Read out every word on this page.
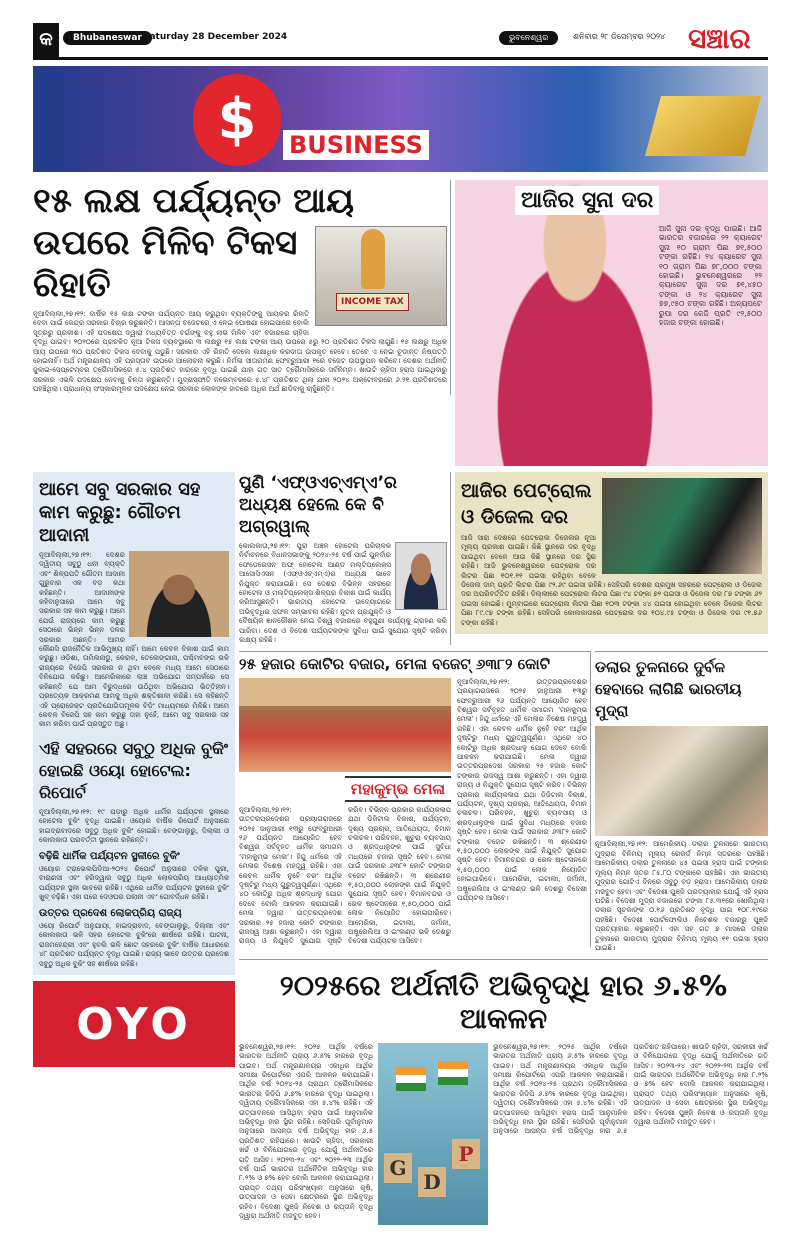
କ	Bhubaneswar Saturday 28 December 2024	ଭୁବନେଶ୍ୱର	ଶନିବାର ୨୮ ଡିସେମ୍ବର ୨୦୨୪ ସଞ୍ଚାର
$	BUSINESS
INCOME TAX
୧୫ ଲକ୍ଷ ପର୍ଯ୍ୟନ୍ତ ଆୟ ଉପରେ ମିଳିବ ଟିକସ ରିହାତି
ନୂଆଦିଲ୍ଲୀ,୨୭।୧୨: ବାର୍ଷିକ ୧୫ ଲକ୍ଷ ଟଙ୍କା ପର୍ଯ୍ୟନ୍ତ ଆୟ କରୁଥିବା ବ୍ୟକ୍ତିଙ୍କୁ ଆୟକର ରିହାତି ଦେବା ପାଇଁ କେନ୍ଦ୍ର ସରକାର ବିଚାର କରୁଛନ୍ତି। ଆସନ୍ତା ବଜେଟରେ ଏ ନେଇ ଘୋଷଣା ହୋଇପାରେ ବୋଲି ସୂତ୍ରରୁ ପ୍ରକାଶ। ଏହି ପଦକ୍ଷେପ ଦ୍ୱାରା ମଧ୍ୟବିତ୍ତ ବର୍ଗଙ୍କୁ ବହୁ ଲାଭ ମିଳିବ ଏବଂ ବଜାରରେ ଚାହିଦା ବୃଦ୍ଧି ପାଇବ। ୨୦୨୦ରେ ପ୍ରଚଳିତ ନୂଆ ଟିକସ ବ୍ୟବସ୍ଥାରେ ୩ ଲକ୍ଷରୁ ୧୫ ଲକ୍ଷ ଟଙ୍କା ଆୟ ଉପରେ ୫ରୁ ୨୦ ପ୍ରତିଶତ ଟିକସ ଲାଗୁଛି। ୧୫ ଲକ୍ଷରୁ ଅଧିକ ଆୟ ଉପରେ ୩୦ ପ୍ରତିଶତ ଟିକସ ଦେବାକୁ ପଡୁଛି। ସରକାର ଏହି ରିହାତି ଦେଲେ ଲକ୍ଷାଧିକ କରଦାତା ଉପକୃତ ହେବେ। ତେବେ ଏ ନେଇ ଚୂଡାନ୍ତ ନିଷ୍ପତ୍ତି ହୋଇନାହିଁ। ଅର୍ଥ ମନ୍ତ୍ରଣାଳୟ ଏହି ପ୍ରସ୍ତାବ ଉପରେ ଆଲୋଚନା କରୁଛି। ନିର୍ମଳା ସୀତାରମଣ ଫେବ୍ରୁଆରୀ ୧ରେ ବଜେଟ ଉପସ୍ଥାପନ କରିବେ। ଦେଶର ଅର୍ଥନୀତି ଜୁଲାଇ-ସେପ୍ଟେମ୍ବର ତ୍ରୈମାସିକରେ ୫.୪ ପ୍ରତିଶତ ହାରରେ ବୃଦ୍ଧି ପାଇଛି ଯାହା ଗତ ସାତ ତ୍ରୈମାସିକରେ ସର୍ବନିମ୍ନ। ଖାଉଟି ଚାହିଦା ହ୍ରାସ ପାଇଥିବାରୁ ସରକାର ଏଭଳି ପଦକ୍ଷେପ ନେବାକୁ ଚିନ୍ତା କରୁଛନ୍ତି। ମୁଦ୍ରାସ୍ଫୀତି ନଭେମ୍ବରରେ ୫.୪୮ ପ୍ରତିଶତ ଥିଲା ଯାହା ୨୦୨୪ ଅକ୍ଟୋବରରେ ୬.୨୧ ପ୍ରତିଶତରେ ପହଞ୍ଚିଥିଲା। ପ୍ରାଧାନ୍ୟ ସଂସ୍କାରମୂଳକ ପଦକ୍ଷେପ ନେଇ ସରକାର ଲୋକଙ୍କ ହାତରେ ଅଧିକ ଅର୍ଥ ଛାଡିବାକୁ ଚାହୁଁଛନ୍ତି।
ଆଜିର ସୁନା ଦର
ଆଜି ସୁନା ଦର ବୃଦ୍ଧି ପାଇଛି। ଆଜି ଭାରତର ବଜାରରେ ୨୨ କ୍ୟାରେଟ ସୁନା ୧୦ ଗ୍ରାମ ପିଛା ୭୧,୫୦୦ ଟଙ୍କା ରହିଛି। ୨୪ କ୍ୟାରେଟ ସୁନା ୧୦ ଗ୍ରାମ ପିଛା ୭୮,୦୦୦ ଟଙ୍କା ହୋଇଛି। ଭୁବନେଶ୍ୱରରେ ୨୨ କ୍ୟାରେଟ ସୁନା ଦର ୭୧,୪୫୦ ଟଙ୍କା ଓ ୨୪ କ୍ୟାରେଟ ସୁନା ୭୭,୯୫୦ ଟଙ୍କା ରହିଛି। ଅନ୍ୟପଟେ ରୁପା ଦର କେଜି ପ୍ରତି ୯୨,୫୦୦ ହଜାର ଟଙ୍କା ହୋଇଛି।
ଆମେ ସବୁ ସରକାର ସହ କାମ କରୁଛୁ: ଗୌତମ ଆଦାନୀ
ନୂଆଦିଲ୍ଲୀ,୨୭।୧୨: ଦେଶର ଦ୍ୱିତୀୟ ସବୁଠୁ ଧନୀ ବ୍ୟକ୍ତି ଏବଂ ଶିଳ୍ପପତି ଗୌତମ ଆଦାନୀ ଗୁରୁବାର ଏକ ବଡ଼ କଥା କହିଛନ୍ତି। ଆଦାନୀଙ୍କ କହିବାନୁସାରେ ଆମେ ସବୁ ସରକାର ସହ କାମ କରୁଛୁ। ଆମେ ଯେଉଁ ରାଜ୍ୟରେ କାମ କରୁଛୁ ସେଠାରେ ଭିନ୍ନ ଭିନ୍ନ ଦଳର ସରକାର ଅଛନ୍ତି। ଆମର କୌଣସି ରାଜନୈତିକ ଆଭିମୁଖ୍ୟ ନାହିଁ। ଆମେ କେବଳ ବିକାଶ ପାଇଁ କାମ କରୁଛୁ। ଓଡ଼ିଶା, ତାମିଲନାଡୁ, କେରଳ, ତେଲେଙ୍ଗାନା, ପଶ୍ଚିମବଙ୍ଗ ଭଳି ରାଜ୍ୟରେ ବିଜେପି ସରକାର ନ ଥିବା ବେଳେ ମଧ୍ୟ ଆମେ ସେଠାରେ ବିନିଯୋଗ କରିଛୁ। ଆମେରିକାରେ ଲାଞ୍ଚ ଅଭିଯୋଗ ସମ୍ପର୍କରେ ସେ କହିଛନ୍ତି ଯେ ଆମ ବିରୁଦ୍ଧରେ ଉଠିଥିବା ଅଭିଯୋଗ ଭିତ୍ତିହୀନ। ପ୍ରତ୍ୟେକ ଆକ୍ରମଣ ଆମକୁ ଅଧିକ ଶକ୍ତିଶାଳୀ କରିଛି। ସେ କହିଛନ୍ତି ଏହି ପ୍ରୋଜେକ୍ଟ ପ୍ରତିଯୋଗିତାମୂଳକ ବିଡ଼ିଂ ମାଧ୍ୟମରେ ମିଳିଛି। ଆମେ କେବଳ ବିଜେପି ସହ କାମ କରୁଛୁ ତାହା ନୁହେଁ, ଆମେ ସବୁ ସରକାର ସହ କାମ କରିବା ପାଇଁ ପ୍ରସ୍ତୁତ ଅଛୁ।
ଏହି ସହରରେ ସବୁଠୁ ଅଧିକ ବୁକିଂ ହୋଇଛି ଓୟୋ ହୋଟେଲ: ରିପୋର୍ଟ
ନୂଆଦିଲ୍ଲୀ,୨୭।୧୨: ୧୯ ପଡ଼ାରୁ ଅଧିକ ଧାର୍ମିକ ପର୍ଯ୍ୟଟନ ସ୍ଥଳୀରେ ହୋଟେଲ ବୁକିଂ ବୃଦ୍ଧି ପାଇଛି। ଓୟୋର ବାର୍ଷିକ ରିପୋର୍ଟ ଅନୁସାରେ ହାଇଦ୍ରାବାଦରେ ସବୁଠୁ ଅଧିକ ବୁକିଂ ହୋଇଛି। ବେଙ୍ଗାଲୁରୁ, ଦିଲ୍ଲୀ ଓ କୋଲକାତା ପରବର୍ତ୍ତୀ ସ୍ଥାନରେ ରହିଛନ୍ତି।
ବଢ଼ିଛି ଧାର୍ମିକ ପର୍ଯ୍ୟଟନ ସ୍ଥଳୀରେ ବୁକିଂ
ଓୟୋର ଟ୍ରାଭେଲପିଡିଆ-୨୦୨୪ ରିପୋର୍ଟ ଅନୁସାରେ ତଳିକ ପୁରୀ, ବାରାଣସୀ ଏବଂ ହରିଦ୍ୱାର ସବୁଠୁ ଅଧିକ ଲୋକପ୍ରିୟ ଆଧ୍ୟାତ୍ମିକ ପର୍ଯ୍ୟଟନ ସ୍ଥଳୀ ଭାବରେ ରହିଛି। ଏଥିରେ ଧାର୍ମିକ ପର୍ଯ୍ୟଟନ ସ୍ଥଳୀରେ ବୁକିଂ ଖୁବ୍ ବଢ଼ିଛି। ଏହା ପରେ ଦେଓଘର ପଲାନୀ ଏବଂ ଗୋବର୍ଦ୍ଧନ ରହିଛି।
ଉତ୍ତର ପ୍ରଦେଶ ଲୋକପ୍ରିୟ ରାଜ୍ୟ
ଓୟୋ ରିପୋର୍ଟ ଅନୁଯାୟୀ, ହାଇଦ୍ରାବାଦ, ବେଙ୍ଗାଲୁରୁ, ଦିଲ୍ଲୀ ଏବଂ କୋଲକାତା ଭଳି ସହର ହୋଟେଲ ବୁକିଂରେ ଶୀର୍ଷରେ ରହିଛି। ପାଟନା, ରାଜମହେନ୍ଦ୍ରୀ ଏବଂ ହୁବଲି ଭଳି ଛୋଟ ସହରରେ ବୁକିଂ ବାର୍ଷିକ ଆଧାରରେ ୪୮ ପ୍ରତିଶତ ପର୍ଯ୍ୟନ୍ତ ବୃଦ୍ଧି ପାଇଛି। ରାଜ୍ୟ ଭାବେ ଉତ୍ତର ପ୍ରଦେଶ ସବୁଠୁ ଅଧିକ ବୁକିଂ ସହ ଶୀର୍ଷରେ ରହିଛି।
OYO
ପୁଣି ‘ଏଫ୍‌ଓଏଚ୍‌ଏମ୍‌ଏ’ର ଅଧ୍ୟକ୍ଷ ହେଲେ କେ ବି ଅଗ୍ରୱାଲ୍
କୋଲକାତା,୨୭।୧୨: ପୁରା ଅଞ୍ଚଳ ହୋଟେଲ ପରିଚାଳକ ନିର୍ବାଚନରେ ବିଧାନସଭାଙ୍କୁ ୨୦୨୪-୨୫ ବର୍ଷ ପାଇଁ ପୁନର୍ବାର ଫେଡେରେସନ ଅଫ୍ ହୋଟେଲ ଆଣ୍ଡ ମଲ୍ଟିପ୍ଲେକ୍ସ ଆସୋସିଏସନ (ଏଫ୍‌ଓଏଚ୍‌ଏମ୍‌ଏ)ର ଅଧ୍ୟକ୍ଷ ଭାବେ ନିଯୁକ୍ତ କରାଯାଇଛି। ସେ ଦେଶର ବିଭିନ୍ନ ସହରରେ ହୋଟେଲ ଓ ମଲ୍ଟିପ୍ଲେକ୍ସ ଶିଳ୍ପର ବିକାଶ ପାଇଁ କାର୍ଯ୍ୟ କରିଆସୁଛନ୍ତି। ଭାରତୀୟ ହୋଟେଲ ଉଦ୍ୟୋଗରେ ଅଭିବୃଦ୍ଧିର ସଫଳ ସମ୍ଭାବନା ରହିଛି। ନୂତନ ପ୍ରଯୁକ୍ତି ଓ ବୈଷୟିକ ଜ୍ଞାନକୌଶଳ ନେଇ ବିଶ୍ୱ ବଜାରରେ ବହୁଗୁଣା କାର୍ଯ୍ୟକୁ ଗ୍ରହଣ କରି ପାରିବା। ଦେଶ ଓ ବିଦେଶ ପର୍ଯ୍ୟଟକଙ୍କ ସୁବିଧା ପାଇଁ ସୁଯୋଗ ସୃଷ୍ଟି କରିବା ଲକ୍ଷ୍ୟ ରହିଛି।
ଆଜିର ପେଟ୍ରୋଲ ଓ ଡିଜେଲ ଦର
ଆଜି ସାରା ଦେଶରେ ପେଟ୍ରୋଲ ଡିଜେଲର ନୂଆ ମୂଲ୍ୟ ପ୍ରକାଶ ପାଇଛି। କିଛି ସ୍ଥାନରେ ଦର ବୃଦ୍ଧି ପାଇଥିବା ବେଳେ ଆଉ କିଛି ସ୍ଥାନରେ ଦର ସ୍ଥିର ରହିଛି। ଆଜି ଭୁବନେଶ୍ୱରରେ ପେଟ୍ରୋଲ ଦର ଲିଟର ପିଛା ୧୦୧.୧୧ ପଇସା ରହିଥିବା ବେଳେ ଡିଜେଲ ଦାମ୍ ପ୍ରତି ଲିଟର ପିଛା ୯୨.୬୯ ପଇସା ରହିଛି। ସେହିପରି ଦେଶର ପ୍ରମୁଖ ସହରରେ ପେଟ୍ରୋଲ ଓ ଡିଜେଲ ଦର ଅପରିବର୍ତ୍ତିତ ରହିଛି। ଦିଲ୍ଲୀରେ ପେଟ୍ରୋଲ ଲିଟର ପିଛା ୯୪ ଟଙ୍କା ୭୨ ପଇସା ଓ ଡିଜେଲ ଦର ୮୭ ଟଙ୍କା ୬୨ ପଇସା ହୋଇଛି। ମୁମ୍ବାଇରେ ପେଟ୍ରୋଲ ଲିଟର ପିଛା ୧୦୩ ଟଙ୍କା ୪୪ ପଇସା ହୋଇଥିବା ବେଳେ ଡିଜେଲ ଲିଟର ପିଛା ୮୯.୯୭ ଟଙ୍କା ରହିଛି। ସେହିପରି କୋଲକାତାରେ ପେଟ୍ରୋଲ ଦର ୧୦୪.୯୫ ଟଙ୍କା ଓ ଡିଜେଲ ଦର ୯୧.୭୬ ଟଙ୍କା ରହିଛି।
୨୫ ହଜାର କୋଟିର ବଜାର, ମେଳା ବଜେଟ୍ ୬୩୮୨ କୋଟି
ମହାକୁମ୍ଭ ମେଳା
ନୂଆଦିଲ୍ଲୀ,୨୭।୧୨: ଉତ୍ତରପ୍ରଦେଶର ପ୍ରୟାଗରାଜରେ ୨୦୨୫ ଜାନୁଆରୀ ୧୩ରୁ ଫେବ୍ରୁଆରୀ ୨୬ ପର୍ଯ୍ୟନ୍ତ ଆୟୋଜିତ ହେବ ବିଶ୍ୱର ସର୍ବବୃହତ ଧାର୍ମିକ ସମାଗମ ‘ମହାକୁମ୍ଭ ମେଳା’। ହିନ୍ଦୁ ଧର୍ମରେ ଏହି ମେଳାର ବିଶେଷ ମହତ୍ତ୍ୱ ରହିଛି। ଏହା କେବଳ ଧାର୍ମିକ ନୁହେଁ ବରଂ ଆର୍ଥିକ ଦୃଷ୍ଟିରୁ ମଧ୍ୟ ଗୁରୁତ୍ୱପୂର୍ଣ୍ଣ। ଏଥିରେ ୪୦ କୋଟିରୁ ଅଧିକ ଶ୍ରଦ୍ଧାଳୁ ଯୋଗ ଦେବେ ବୋଲି ଆକଳନ କରାଯାଇଛି। ମେଳା ଦ୍ୱାରା ଉତ୍ତରପ୍ରଦେଶ ସରକାର ୨୫ ହଜାର କୋଟି ଟଙ୍କାର ରାଜସ୍ୱ ଆଶା କରୁଛନ୍ତି। ଏହା ଦ୍ୱାରା ରାଜ୍ୟ ଓ ନିଯୁକ୍ତି ସୁଯୋଗ ସୃଷ୍ଟି କରିବ। ବିଭିନ୍ନ ପ୍ରକାର କାର୍ଯ୍ୟକଳାପ ଯଥା ଡିଜିଟାଲ ବିକାଶ, ପର୍ଯ୍ୟଟନ, ଦୃଶ୍ୟ ପ୍ରଚାର, ଆତିଥେୟତା, ବିମାନ ଚଳାଚଳ। ପରିବହନ, ଖୁଚୁରା ବ୍ୟବସାୟ ଓ ଶ୍ରଦ୍ଧାଳୁଙ୍କ ପାଇଁ ସୁବିଧା ମଧ୍ୟରେ ବଜାର ସୃଷ୍ଟି ହେବ। ମେଳା ପାଇଁ ସରକାର ୬୩୮୨ କୋଟି ଟଙ୍କାର ବଜେଟ ରଖିଛନ୍ତି। ୩ ଶ୍ରେଣୀର ୧,୫୦,୦୦୦ ଲୋକଙ୍କ ପାଇଁ ନିଯୁକ୍ତି ସୁଯୋଗ ସୃଷ୍ଟି ହେବ। ବିମାନବନ୍ଦର ଓ ରେଳ ଷ୍ଟେସନରେ ୧,୫୦,୦୦୦ ପାଇଁ ଲୋକ ନିୟୋଜିତ ହୋଇପାରିବେ। ଆମେରିକା, ଇଟାଲୀ, ଜର୍ମାନୀ, ଅଷ୍ଟ୍ରେଲିଆ ଓ ଇଂଲଣ୍ଡ ଭଳି ଦେଶରୁ ବିଦେଶୀ ପର୍ଯ୍ୟଟକ ଆସିବେ।
ନୂଆଦିଲ୍ଲୀ,୨୭।୧୨: ଉତ୍ତରପ୍ରଦେଶର ପ୍ରୟାଗରାଜରେ ୨୦୨୫ ଜାନୁଆରୀ ୧୩ରୁ ଫେବ୍ରୁଆରୀ ୨୬ ପର୍ଯ୍ୟନ୍ତ ଆୟୋଜିତ ହେବ ବିଶ୍ୱର ସର୍ବବୃହତ ଧାର୍ମିକ ସମାଗମ ‘ମହାକୁମ୍ଭ ମେଳା’। ହିନ୍ଦୁ ଧର୍ମରେ ଏହି ମେଳାର ବିଶେଷ ମହତ୍ତ୍ୱ ରହିଛି। ଏହା କେବଳ ଧାର୍ମିକ ନୁହେଁ ବରଂ ଆର୍ଥିକ ଦୃଷ୍ଟିରୁ ମଧ୍ୟ ଗୁରୁତ୍ୱପୂର୍ଣ୍ଣ। ଏଥିରେ ୪୦ କୋଟିରୁ ଅଧିକ ଶ୍ରଦ୍ଧାଳୁ ଯୋଗ ଦେବେ ବୋଲି ଆକଳନ କରାଯାଇଛି। ମେଳା ଦ୍ୱାରା ଉତ୍ତରପ୍ରଦେଶ ସରକାର ୨୫ ହଜାର କୋଟି ଟଙ୍କାର ରାଜସ୍ୱ ଆଶା କରୁଛନ୍ତି। ଏହା ଦ୍ୱାରା ରାଜ୍ୟ ଓ ନିଯୁକ୍ତି ସୁଯୋଗ ସୃଷ୍ଟି କରିବ। ବିଭିନ୍ନ ପ୍ରକାର କାର୍ଯ୍ୟକଳାପ ଯଥା ଡିଜିଟାଲ ବିକାଶ, ପର୍ଯ୍ୟଟନ, ଦୃଶ୍ୟ ପ୍ରଚାର, ଆତିଥେୟତା, ବିମାନ ଚଳାଚଳ। ପରିବହନ, ଖୁଚୁରା ବ୍ୟବସାୟ ଓ ଶ୍ରଦ୍ଧାଳୁଙ୍କ ପାଇଁ ସୁବିଧା ମଧ୍ୟରେ ବଜାର ସୃଷ୍ଟି ହେବ। ମେଳା ପାଇଁ ସରକାର ୬୩୮୨ କୋଟି ଟଙ୍କାର ବଜେଟ ରଖିଛନ୍ତି। ୩ ଶ୍ରେଣୀର ୧,୫୦,୦୦୦ ଲୋକଙ୍କ ପାଇଁ ନିଯୁକ୍ତି ସୁଯୋଗ ସୃଷ୍ଟି ହେବ। ବିମାନବନ୍ଦର ଓ ରେଳ ଷ୍ଟେସନରେ ୧,୫୦,୦୦୦ ପାଇଁ ଲୋକ ନିୟୋଜିତ ହୋଇପାରିବେ। ଆମେରିକା, ଇଟାଲୀ, ଜର୍ମାନୀ, ଅଷ୍ଟ୍ରେଲିଆ ଓ ଇଂଲଣ୍ଡ ଭଳି ଦେଶରୁ ବିଦେଶୀ ପର୍ଯ୍ୟଟକ ଆସିବେ।
ଡଲାର ତୁଳନାରେ ଦୁର୍ବଳ ହେବାରେ ଲାଗିଛି ଭାରତୀୟ ମୁଦ୍ରା
ନୂଆଦିଲ୍ଲୀ,୨୭।୧୨: ଆମେରିକୀୟ ଡଲାର ତୁଳନାରେ ଭାରତୀୟ ମୁଦ୍ରାର ବିନିମୟ ମୂଲ୍ୟ ରେକର୍ଡ ନିମ୍ନ ସ୍ତରରେ ପହଞ୍ଚିଛି। ଆମେରିକୀୟ ଡଲାର ତୁଳନାରେ ୪୫ ପଇସା ହ୍ରାସ ପାଇଁ ଟଙ୍କାର ମୂଲ୍ୟ ନିମ୍ନ ସ୍ତର ୮୫.୮୦ ଟଙ୍କାରେ ପହଞ୍ଚିଛି। ଏହା ଭାରତୀୟ ମୁଦ୍ରାର ଗୋଟିଏ ଦିନରେ ସବୁଠୁ ବଡ଼ ହ୍ରାସ। ଆମେରିକୀୟ ଡଲାର ମଜବୁତ ହେବା ଏବଂ ବିଦେଶୀ ପୁଞ୍ଜି ପ୍ରତ୍ୟାହାର ଯୋଗୁଁ ଏହି ହ୍ରାସ ଘଟିଛି। ବିଦେଶୀ ମୁଦ୍ରା ବଜାରରେ ଟଙ୍କା ୮୫.୩୧ରେ ଖୋଲିଥିଲା। ଡଲାର ସୂଚକାଙ୍କ ୦.୧୬ ପ୍ରତିଶତ ବୃଦ୍ଧି ପାଇ ୧୦୮.୧୯ରେ ପହଞ୍ଚିଛି। ବିଦେଶୀ ପୋର୍ଟଫୋଲିଓ ନିବେଶକ ବଜାରରୁ ପୁଞ୍ଜି ପ୍ରତ୍ୟାହାର କରୁଛନ୍ତି। ଏହା ସହ ଗତ ୭ ମାସରେ ଡଲାର ତୁଳନାରେ ଭାରତୀୟ ମୁଦ୍ରାର ବିନିମୟ ମୂଲ୍ୟ ୧୧ ପଇସା ହ୍ରାସ ପାଇଛି।
୨୦୨୫ରେ ଅର୍ଥନୀତି ଅଭିବୃଦ୍ଧି ହାର ୬.୫% ଆକଳନ
ଭୁବନେଶ୍ୱର,୨୭।୧୨: ୨୦୨୫ ଆର୍ଥିକ ବର୍ଷରେ ଭାରତର ଅର୍ଥନୀତି ପ୍ରାୟ ୬.୫% ହାରରେ ବୃଦ୍ଧି ପାଇବ। ଅର୍ଥ ମନ୍ତ୍ରଣାଳୟର ଏକାଧିକ ଆର୍ଥିକ ସମୀକ୍ଷା ରିପୋର୍ଟରେ ଏପରି ଆକଳନ କରାଯାଇଛି। ଆର୍ଥିକ ବର୍ଷ ୨୦୨୪-୨୫ ପ୍ରଥମ ତ୍ରୈମାସିକରେ ଭାରତର ଜିଡିପି ୬.୭% ହାରରେ ବୃଦ୍ଧି ପାଇଥିଲା। ଦ୍ୱିତୀୟ ତ୍ରୈମାସିକରେ ଏହା ୫.୪% ରହିଛି। ଏହି ଉତ୍ପାଦନରେ ଆସିଥିବା ହ୍ରାସ ପାଇଁ ଆନୁମାନିକ ଅଭିବୃଦ୍ଧି ହାର ସ୍ଥିର ରହିଛି। ସେହିପରି ପୂର୍ବାନୁମାନ ଅନୁସାରେ ଆସନ୍ତା ବର୍ଷ ଅଭିବୃଦ୍ଧି ହାର ୬.୫ ପ୍ରତିଶତ ରହିପାରେ। ଖାଉଟି ଚାହିଦା, ସରକାରୀ ଖର୍ଚ୍ଚ ଓ ବିନିଯୋଗରେ ବୃଦ୍ଧି ଯୋଗୁଁ ଅର୍ଥନୀତିରେ ଗତି ଆସିବ। ୨୦୨୩-୨୪ ଏବଂ ୨୦୨୨-୨୩ ଆର୍ଥିକ ବର୍ଷ ପାଇଁ ଭାରତର ଅର୍ଥନୈତିକ ଅଭିବୃଦ୍ଧି ହାର ୮.୨% ଓ ୭% ହେବ ବୋଲି ଆକଳନ କରାଯାଇଥିଲା। ପ୍ରାପ୍ତ ତଥ୍ୟ ପରିସଂଖ୍ୟାନ ଅନୁସାରେ କୃଷି, ଉତ୍ପାଦନ ଓ ସେବା କ୍ଷେତ୍ରରେ ସ୍ଥିର ଅଭିବୃଦ୍ଧି ରହିବ। ବିଦେଶୀ ପୁଞ୍ଜି ନିବେଶ ଓ ରପ୍ତାନି ବୃଦ୍ଧି ଦ୍ୱାରା ଅର୍ଥନୀତି ମଜବୁତ ହେବ।
G
D
P
ଭୁବନେଶ୍ୱର,୨୭।୧୨: ୨୦୨୫ ଆର୍ଥିକ ବର୍ଷରେ ଭାରତର ଅର୍ଥନୀତି ପ୍ରାୟ ୬.୫% ହାରରେ ବୃଦ୍ଧି ପାଇବ। ଅର୍ଥ ମନ୍ତ୍ରଣାଳୟର ଏକାଧିକ ଆର୍ଥିକ ସମୀକ୍ଷା ରିପୋର୍ଟରେ ଏପରି ଆକଳନ କରାଯାଇଛି। ଆର୍ଥିକ ବର୍ଷ ୨୦୨୪-୨୫ ପ୍ରଥମ ତ୍ରୈମାସିକରେ ଭାରତର ଜିଡିପି ୬.୭% ହାରରେ ବୃଦ୍ଧି ପାଇଥିଲା। ଦ୍ୱିତୀୟ ତ୍ରୈମାସିକରେ ଏହା ୫.୪% ରହିଛି। ଏହି ଉତ୍ପାଦନରେ ଆସିଥିବା ହ୍ରାସ ପାଇଁ ଆନୁମାନିକ ଅଭିବୃଦ୍ଧି ହାର ସ୍ଥିର ରହିଛି। ସେହିପରି ପୂର୍ବାନୁମାନ ଅନୁସାରେ ଆସନ୍ତା ବର୍ଷ ଅଭିବୃଦ୍ଧି ହାର ୬.୫ ପ୍ରତିଶତ ରହିପାରେ। ଖାଉଟି ଚାହିଦା, ସରକାରୀ ଖର୍ଚ୍ଚ ଓ ବିନିଯୋଗରେ ବୃଦ୍ଧି ଯୋଗୁଁ ଅର୍ଥନୀତିରେ ଗତି ଆସିବ। ୨୦୨୩-୨୪ ଏବଂ ୨୦୨୨-୨୩ ଆର୍ଥିକ ବର୍ଷ ପାଇଁ ଭାରତର ଅର୍ଥନୈତିକ ଅଭିବୃଦ୍ଧି ହାର ୮.୨% ଓ ୭% ହେବ ବୋଲି ଆକଳନ କରାଯାଇଥିଲା। ପ୍ରାପ୍ତ ତଥ୍ୟ ପରିସଂଖ୍ୟାନ ଅନୁସାରେ କୃଷି, ଉତ୍ପାଦନ ଓ ସେବା କ୍ଷେତ୍ରରେ ସ୍ଥିର ଅଭିବୃଦ୍ଧି ରହିବ। ବିଦେଶୀ ପୁଞ୍ଜି ନିବେଶ ଓ ରପ୍ତାନି ବୃଦ୍ଧି ଦ୍ୱାରା ଅର୍ଥନୀତି ମଜବୁତ ହେବ।
